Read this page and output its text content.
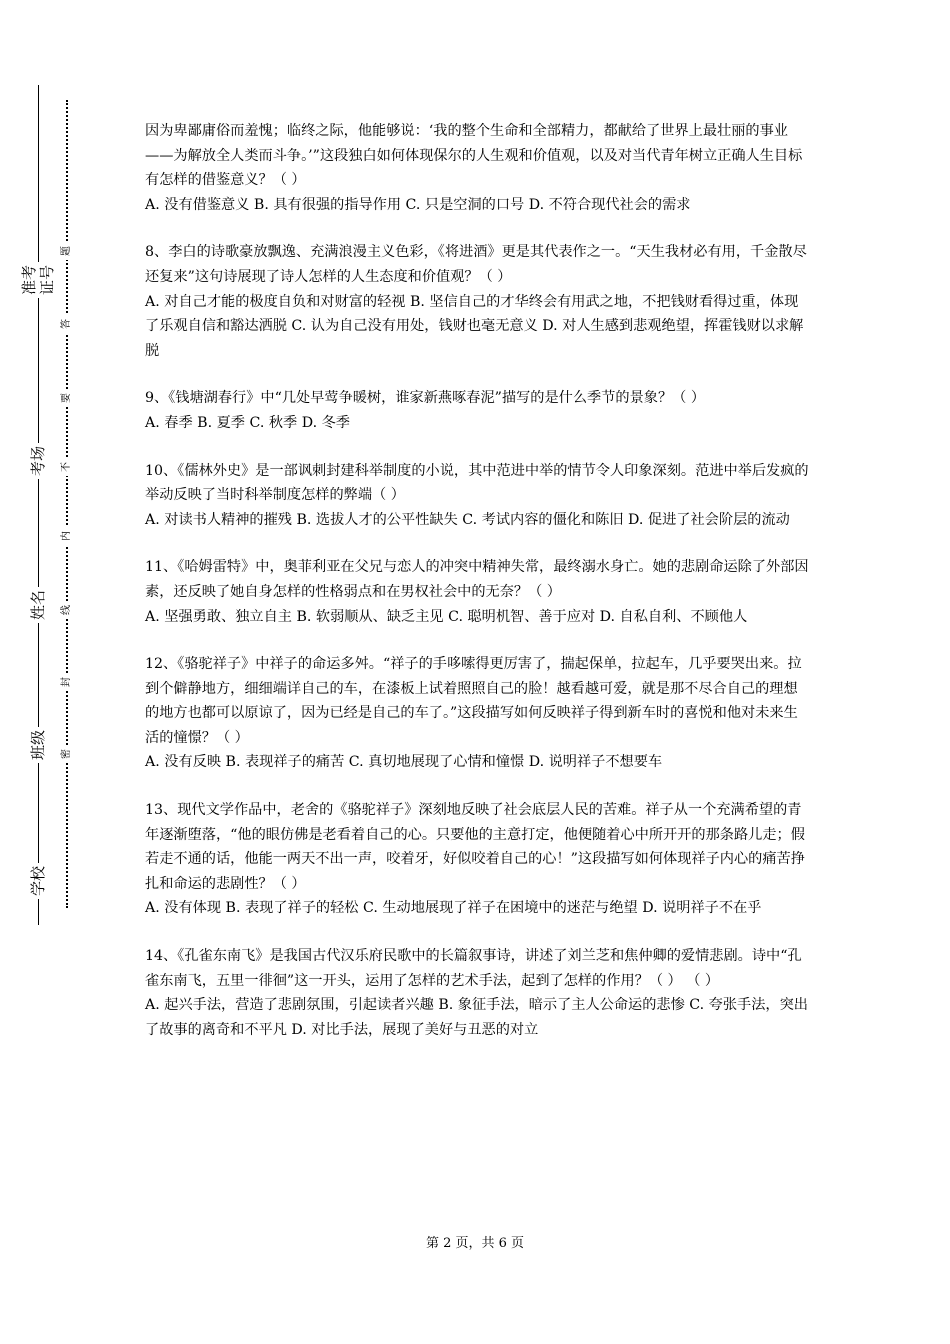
准考证号
考场
姓名
班级
学校
题
答
要
不
内
线
封
密

因为卑鄙庸俗而羞愧；临终之际，他能够说：‘我的整个生命和全部精力，都献给了世界上最壮丽的事业——为解放全人类而斗争。’”这段独白如何体现保尔的人生观和价值观，以及对当代青年树立正确人生目标有怎样的借鉴意义？（ ）

A. 没有借鉴意义 B. 具有很强的指导作用 C. 只是空洞的口号 D. 不符合现代社会的需求

8、李白的诗歌豪放飘逸、充满浪漫主义色彩，《将进酒》更是其代表作之一。“天生我材必有用，千金散尽还复来”这句诗展现了诗人怎样的人生态度和价值观？（ ）

A. 对自己才能的极度自负和对财富的轻视 B. 坚信自己的才华终会有用武之地，不把钱财看得过重，体现了乐观自信和豁达洒脱 C. 认为自己没有用处，钱财也毫无意义 D. 对人生感到悲观绝望，挥霍钱财以求解脱

9、《钱塘湖春行》中“几处早莺争暖树，谁家新燕啄春泥”描写的是什么季节的景象？（ ）

A. 春季 B. 夏季 C. 秋季 D. 冬季

10、《儒林外史》是一部讽刺封建科举制度的小说，其中范进中举的情节令人印象深刻。范进中举后发疯的举动反映了当时科举制度怎样的弊端（ ）

A. 对读书人精神的摧残 B. 选拔人才的公平性缺失 C. 考试内容的僵化和陈旧 D. 促进了社会阶层的流动

11、《哈姆雷特》中，奥菲利亚在父兄与恋人的冲突中精神失常，最终溺水身亡。她的悲剧命运除了外部因素，还反映了她自身怎样的性格弱点和在男权社会中的无奈？（ ）

A. 坚强勇敢、独立自主 B. 软弱顺从、缺乏主见 C. 聪明机智、善于应对 D. 自私自利、不顾他人

12、《骆驼祥子》中祥子的命运多舛。“祥子的手哆嗦得更厉害了，揣起保单，拉起车，几乎要哭出来。拉到个僻静地方，细细端详自己的车，在漆板上试着照照自己的脸！越看越可爱，就是那不尽合自己的理想的地方也都可以原谅了，因为已经是自己的车了。”这段描写如何反映祥子得到新车时的喜悦和他对未来生活的憧憬？（ ）

A. 没有反映 B. 表现祥子的痛苦 C. 真切地展现了心情和憧憬 D. 说明祥子不想要车

13、现代文学作品中，老舍的《骆驼祥子》深刻地反映了社会底层人民的苦难。祥子从一个充满希望的青年逐渐堕落，“他的眼仿佛是老看着自己的心。只要他的主意打定，他便随着心中所开开的那条路儿走；假若走不通的话，他能一两天不出一声，咬着牙，好似咬着自己的心！”这段描写如何体现祥子内心的痛苦挣扎和命运的悲剧性？（ ）

A. 没有体现 B. 表现了祥子的轻松 C. 生动地展现了祥子在困境中的迷茫与绝望 D. 说明祥子不在乎

14、《孔雀东南飞》是我国古代汉乐府民歌中的长篇叙事诗，讲述了刘兰芝和焦仲卿的爱情悲剧。诗中“孔雀东南飞，五里一徘徊”这一开头，运用了怎样的艺术手法，起到了怎样的作用？（ ） （ ）

A. 起兴手法，营造了悲剧氛围，引起读者兴趣 B. 象征手法，暗示了主人公命运的悲惨 C. 夸张手法，突出了故事的离奇和不平凡 D. 对比手法，展现了美好与丑恶的对立

第 2 页，共 6 页
